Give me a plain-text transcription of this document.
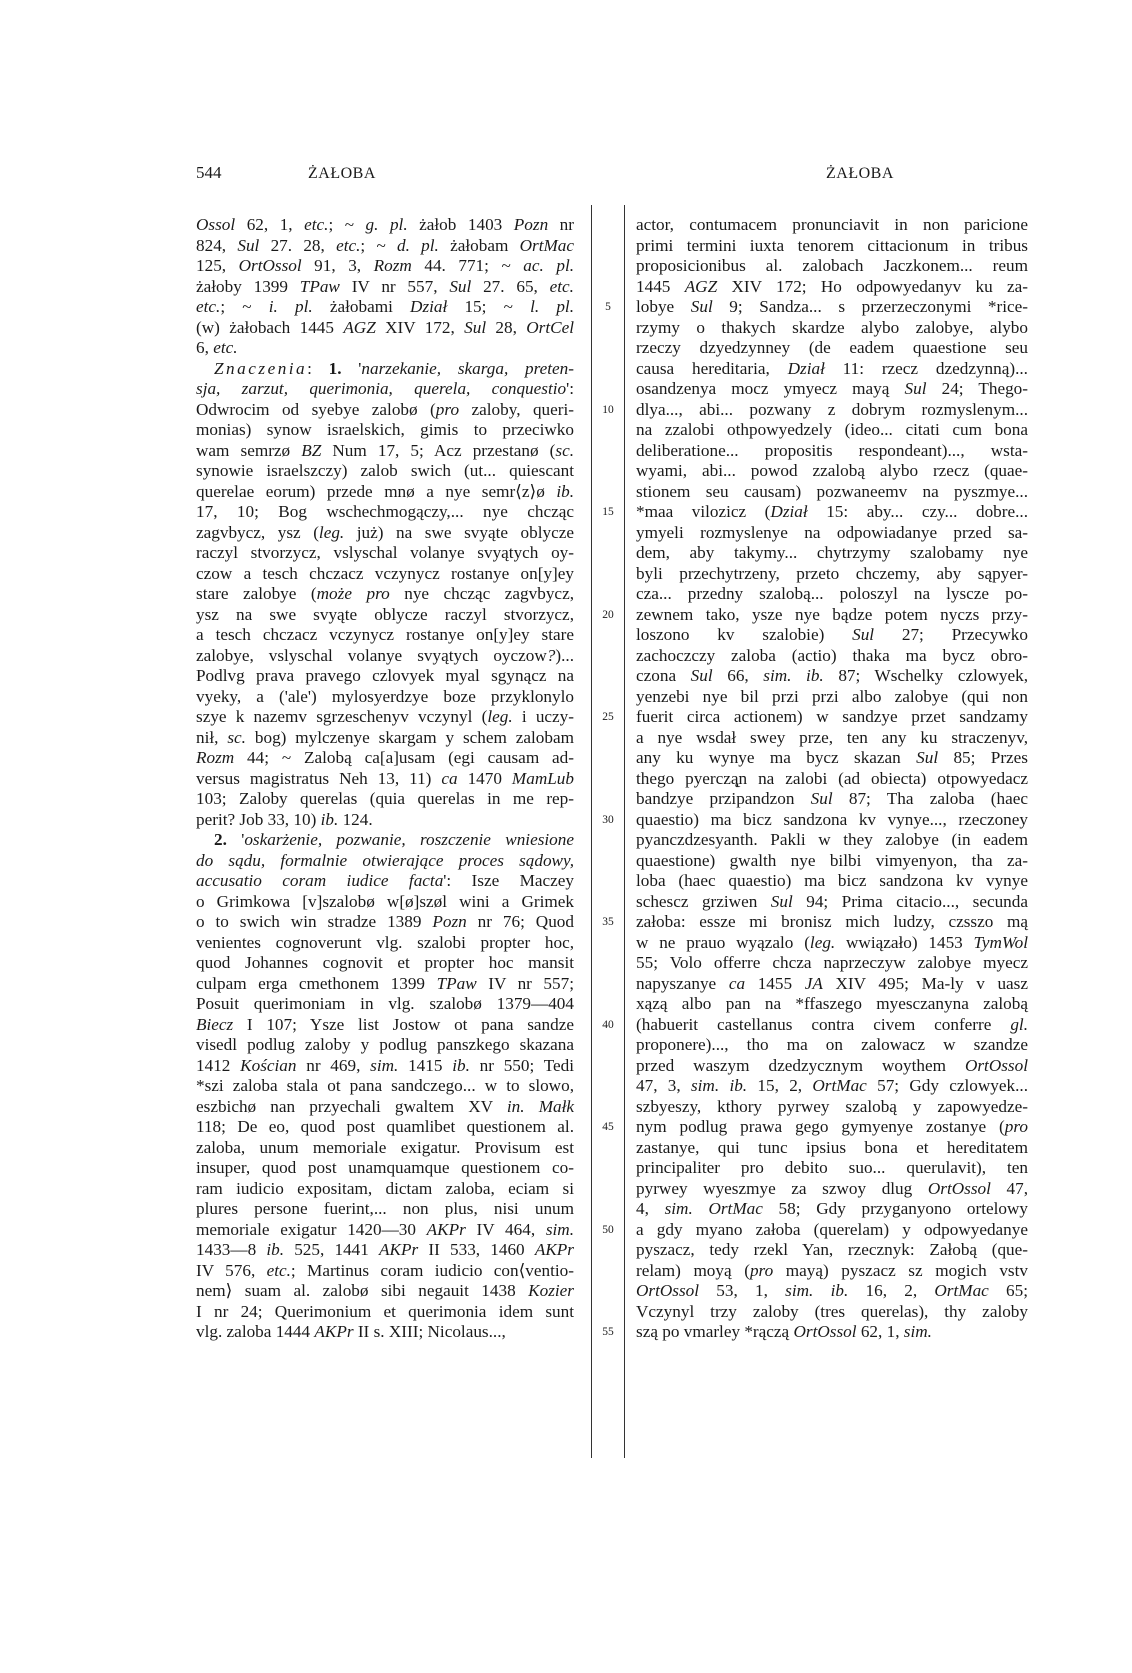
544	ŻAŁOBA	ŻAŁOBA
Ossol 62, 1, etc.; ~ g. pl. żałob 1403 Pozn nr
824, Sul 27. 28, etc.; ~ d. pl. żałobam OrtMac
125, OrtOssol 91, 3, Rozm 44. 771; ~ ac. pl.
żałoby 1399 TPaw IV nr 557, Sul 27. 65, etc.
etc.; ~ i. pl. żałobami Dział 15; ~ l. pl.
(w) żałobach 1445 AGZ XIV 172, Sul 28, OrtCel
6, etc.
Znaczenia: 1. 'narzekanie, skarga, preten-
sja, zarzut, querimonia, querela, conquestio':
Odwrocim od syebye zalobø (pro zaloby, queri-
monias) synow israelskich, gimis to przeciwko
wam semrzø BZ Num 17, 5; Acz przestanø (sc.
synowie israelszczy) zalob swich (ut... quiescant
querelae eorum) przede mnø a nye semr⟨z⟩ø ib.
17, 10; Bog wschechmogączy,... nye chcząc
zagvbycz, ysz (leg. już) na swe svyąte oblycze
raczyl stvorzycz, vslyschal volanye svyątych oy-
czow a tesch chczacz vczynycz rostanye on[y]ey
stare zalobye (może pro nye chcząc zagvbycz,
ysz na swe svyąte oblycze raczyl stvorzycz,
a tesch chczacz vczynycz rostanye on[y]ey stare
zalobye, vslyschal volanye svyątych oyczow?)...
Podlvg prava pravego czlovyek myal sgynącz na
vyeky, a ('ale') mylosyerdzye boze przyklonylo
szye k nazemv sgrzeschenyv vczynyl (leg. i uczy-
nił, sc. bog) mylczenye skargam y schem zalobam
Rozm 44; ~ Zalobą ca[a]usam (egi causam ad-
versus magistratus Neh 13, 11) ca 1470 MamLub
103; Zaloby querelas (quia querelas in me rep-
perit? Job 33, 10) ib. 124.
2. 'oskarżenie, pozwanie, roszczenie wniesione
do sądu, formalnie otwierające proces sądowy,
accusatio coram iudice facta': Isze Maczey
o Grimkowa [v]szalobø w[ø]szøl wini a Grimek
o to swich win stradze 1389 Pozn nr 76; Quod
venientes cognoverunt vlg. szalobi propter hoc,
quod Johannes cognovit et propter hoc mansit
culpam erga cmethonem 1399 TPaw IV nr 557;
Posuit querimoniam in vlg. szalobø 1379—404
Biecz I 107; Ysze list Jostow ot pana sandze
visedl podlug zaloby y podlug panszkego skazana
1412 Kościan nr 469, sim. 1415 ib. nr 550; Tedi
*szi zaloba stala ot pana sandczego... w to slowo,
eszbichø nan przyechali gwaltem XV in. Małk
118; De eo, quod post quamlibet questionem al.
zaloba, unum memoriale exigatur. Provisum est
insuper, quod post unamquamque questionem co-
ram iudicio expositam, dictam zaloba, eciam si
plures persone fuerint,... non plus, nisi unum
memoriale exigatur 1420—30 AKPr IV 464, sim.
1433—8 ib. 525, 1441 AKPr II 533, 1460 AKPr
IV 576, etc.; Martinus coram iudicio con⟨ventio-
nem⟩ suam al. zalobø sibi negauit 1438 Kozier
I nr 24; Querimonium et querimonia idem sunt
vlg. zaloba 1444 AKPr II s. XIII; Nicolaus...,
5
10
15
20
25
30
35
40
45
50
55
actor, contumacem pronunciavit in non paricione
primi termini iuxta tenorem cittacionum in tribus
proposicionibus al. zalobach Jaczkonem... reum
1445 AGZ XIV 172; Ho odpowyedanyv ku za-
lobye Sul 9; Sandza... s przerzeczonymi *rice-
rzymy o thakych skardze alybo zalobye, alybo
rzeczy dzyedzynney (de eadem quaestione seu
causa hereditaria, Dział 11: rzecz dzedzynną)...
osandzenya mocz ymyecz mayą Sul 24; Thego-
dlya..., abi... pozwany z dobrym rozmyslenym...
na zzalobi othpowyedzely (ideo... citati cum bona
deliberatione... propositis respondeant)..., wsta-
wyami, abi... powod zzalobą alybo rzecz (quae-
stionem seu causam) pozwaneemv na pyszmye...
*maa vilozicz (Dział 15: aby... czy... dobre...
ymyeli rozmyslenye na odpowiadanye przed sa-
dem, aby takymy... chytrzymy szalobamy nye
byli przechytrzeny, przeto chczemy, aby sąpyer-
cza... przedny szalobą... poloszyl na lyscze po-
zewnem tako, ysze nye bądze potem nyczs przy-
loszono kv szalobie) Sul 27; Przecywko
zachoczczy zaloba (actio) thaka ma bycz obro-
czona Sul 66, sim. ib. 87; Wschelky czlowyek,
yenzebi nye bil przi przi albo zalobye (qui non
fuerit circa actionem) w sandzye przet sandzamy
a nye wsdał swey prze, ten any ku straczenyv,
any ku wynye ma bycz skazan Sul 85; Przes
thego pyerczą̨n na zalobi (ad obiecta) otpowyedacz
bandzye przipandzon Sul 87; Tha zaloba (haec
quaestio) ma bicz sandzona kv vynye..., rzeczoney
pyanczdzesyanth. Pakli w they zalobye (in eadem
quaestione) gwalth nye bilbi vimyenyon, tha za-
loba (haec quaestio) ma bicz sandzona kv vynye
schescz grziwen Sul 94; Prima citacio..., secunda
załoba: essze mi bronisz mich ludzy, czsszo mą
w ne prauo wyązalo (leg. wwiązało) 1453 TymWol
55; Volo offerre chcza naprzeczyw zalobye myecz
napyszanye ca 1455 JA XIV 495; Ma-ly v uasz
xązą albo pan na *ffaszego myesczanyna zalobą
(habuerit castellanus contra civem conferre gl.
proponere)..., tho ma on zalowacz w szandze
przed waszym dzedzycznym woythem OrtOssol
47, 3, sim. ib. 15, 2, OrtMac 57; Gdy czlowyek...
szbyeszy, kthory pyrwey szalobą y zapowyedze-
nym podlug prawa gego gymyenye zostanye (pro
zastanye, qui tunc ipsius bona et hereditatem
principaliter pro debito suo... querulavit), ten
pyrwey wyeszmye za szwoy dlug OrtOssol 47,
4, sim. OrtMac 58; Gdy przyganyono ortelowy
a gdy myano załoba (querelam) y odpowyedanye
pyszacz, tedy rzekl Yan, rzecznyk: Załobą (que-
relam) moyą (pro mayą) pyszacz sz mogich vstv
OrtOssol 53, 1, sim. ib. 16, 2, OrtMac 65;
Vczynyl trzy zaloby (tres querelas), thy zaloby
szą po vmarley *rączą OrtOssol 62, 1, sim.
